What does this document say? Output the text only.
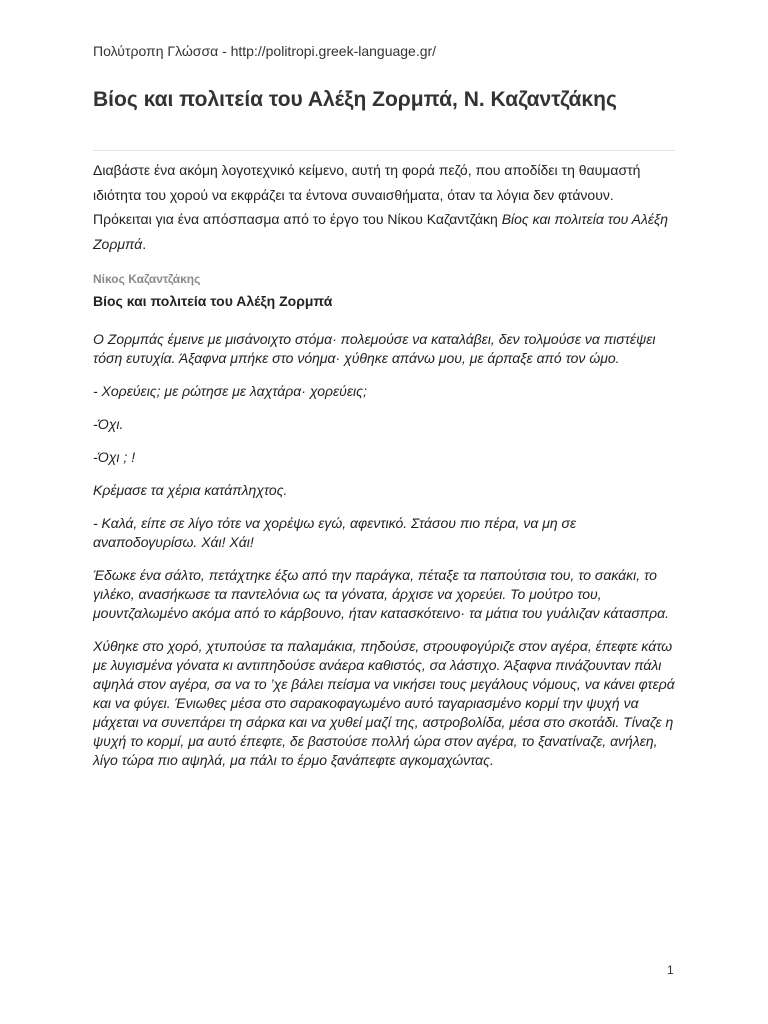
Πολύτροπη Γλώσσα - http://politropi.greek-language.gr/
Βίος και πολιτεία του Αλέξη Ζορμπά, Ν. Καζαντζάκης

Διαβάστε ένα ακόμη λογοτεχνικό κείμενο, αυτή τη φορά πεζό, που αποδίδει τη θαυμαστή ιδιότητα του χορού να εκφράζει τα έντονα συναισθήματα, όταν τα λόγια δεν φτάνουν. Πρόκειται για ένα απόσπασμα από το έργο του Νίκου Καζαντζάκη Βίος και πολιτεία του Αλέξη Ζορμπά.

Νίκος Καζαντζάκης
Βίος και πολιτεία του Αλέξη Ζορμπά

Ο Ζορμπάς έμεινε με μισάνοιχτο στόμα· πολεμούσε να καταλάβει, δεν τολμούσε να πιστέψει τόση ευτυχία. Άξαφνα μπήκε στο νόημα· χύθηκε απάνω μου, με άρπαξε από τον ώμο.

- Χορεύεις; με ρώτησε με λαχτάρα· χορεύεις;

-Όχι.

-Όχι ; !

Κρέμασε τα χέρια κατάπληχτος.

- Καλά, είπε σε λίγο τότε να χορέψω εγώ, αφεντικό. Στάσου πιο πέρα, να μη σε αναποδογυρίσω. Χάι! Χάι!

Έδωκε ένα σάλτο, πετάχτηκε έξω από την παράγκα, πέταξε τα παπούτσια του, το σακάκι, το γιλέκο, ανασήκωσε τα παντελόνια ως τα γόνατα, άρχισε να χορεύει. Το μούτρο του, μουντζαλωμένο ακόμα από το κάρβουνο, ήταν κατασκότεινο· τα μάτια του γυάλιζαν κάτασπρα.

Χύθηκε στο χορό, χτυπούσε τα παλαμάκια, πηδούσε, στρουφογύριζε στον αγέρα, έπεφτε κάτω με λυγισμένα γόνατα κι αντιπηδούσε ανάερα καθιστός, σα λάστιχο. Άξαφνα πινάζουνταν πάλι αψηλά στον αγέρα, σα να το ’χε βάλει πείσμα να νικήσει τους μεγάλους νόμους, να κάνει φτερά και να φύγει. Ένιωθες μέσα στο σαρακοφαγωμένο αυτό ταγαριασμένο κορμί την ψυχή να μάχεται να συνεπάρει τη σάρκα και να χυθεί μαζί της, αστροβολίδα, μέσα στο σκοτάδι. Τίναζε η ψυχή το κορμί, μα αυτό έπεφτε, δε βαστούσε πολλή ώρα στον αγέρα, το ξανατίναζε, ανήλεη, λίγο τώρα πιο αψηλά, μα πάλι το έρμο ξανάπεφτε αγκομαχώντας.

1
